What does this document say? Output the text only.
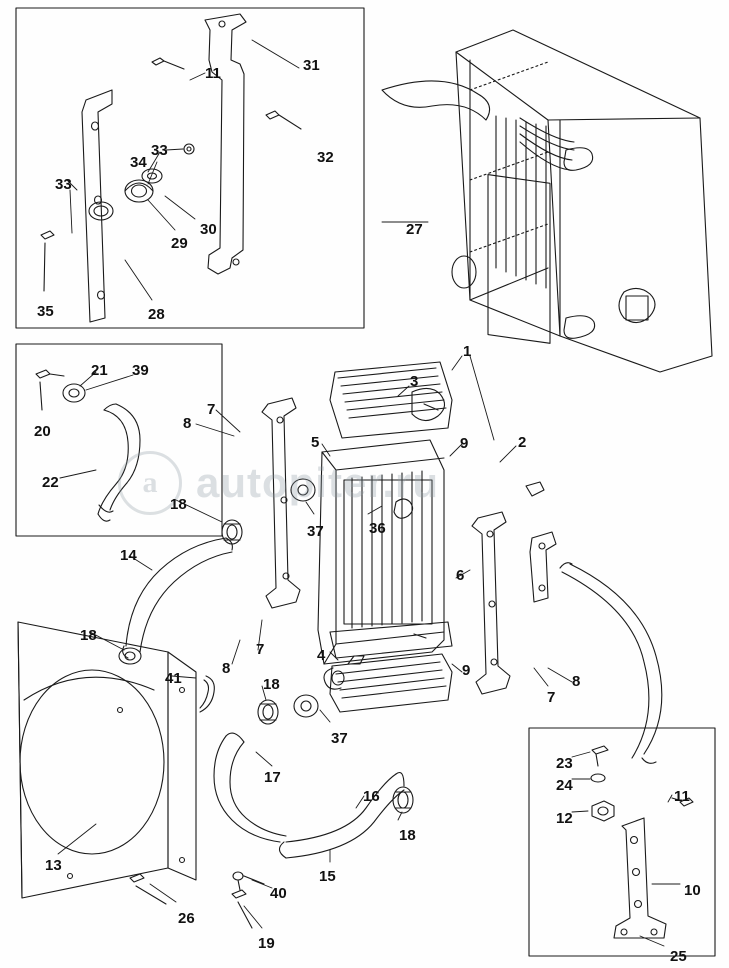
a autopiter.ru
1
2
3
4
5
6
7
7
7
8
8
8
9
9
10
11
11
12
13
14
15
16
17
18
18
18
18
19
20
21
22
23
24
25
26
27
28
29
30
31
32
33
33
34
35
36
37
37
39
40
41
